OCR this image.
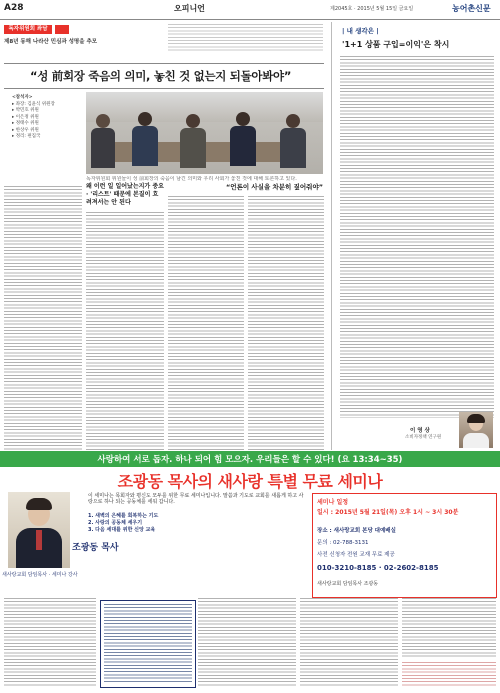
A28	오피니언	제2045호 · 2015년 5월 15일 금요일	농어촌신문
독자위원회 좌담
제8년 동해 나라산 민심과 성명을 추모
“성 前회장 죽음의 의미, 놓친 것 없는지 되돌아봐야”
<참석자>
▸ 좌장: 김윤식 위원장
▸ 박민호 위원
▸ 이은정 위원
▸ 정태수 위원
▸ 한상우 위원
▸ 정리: 편집국
독자위원회 위원들이 성 前회장의 죽음이 남긴 의미와 우리 사회가 놓친 것에 대해 토론하고 있다.
왜 이런 일 일어났는지가 중요 · '리스트' 때문에 본질이 흐려져서는 안 된다
“언론이 사실을 차분히 짚어줘야”
| 내 생각은 |
'1+1 상품 구입=이익'은 착시
이 영 상
소비자정책 연구원
사랑하여 서로 돕자. 하나 되어 힘 모으자. 우리들은 할 수 있다! (요 13:34~35)
조광동 목사의 새사랑 특별 무료 세미나
이 세미나는 목회자와 평신도 모두를 위한 무료 세미나입니다. 말씀과 기도로 교회를 새롭게 하고 사랑으로 하나 되는 공동체를 세워 갑니다.
1. 새벽의 은혜를 회복하는 기도
2. 사랑의 공동체 세우기
3. 다음 세대를 위한 신앙 교육
조광동 목사
새사랑교회 담임목사 · 세미나 강사
세미나 일정
일시 : 2015년 5월 21일(목) 오후 1시 ~ 3시 30분
장소 : 새사랑교회 본당 대예배실
문의 : 02-788-3131
사전 신청자 전원 교재 무료 제공
010-3210-8185 · 02-2602-8185
새사랑교회 담임목사 조광동
